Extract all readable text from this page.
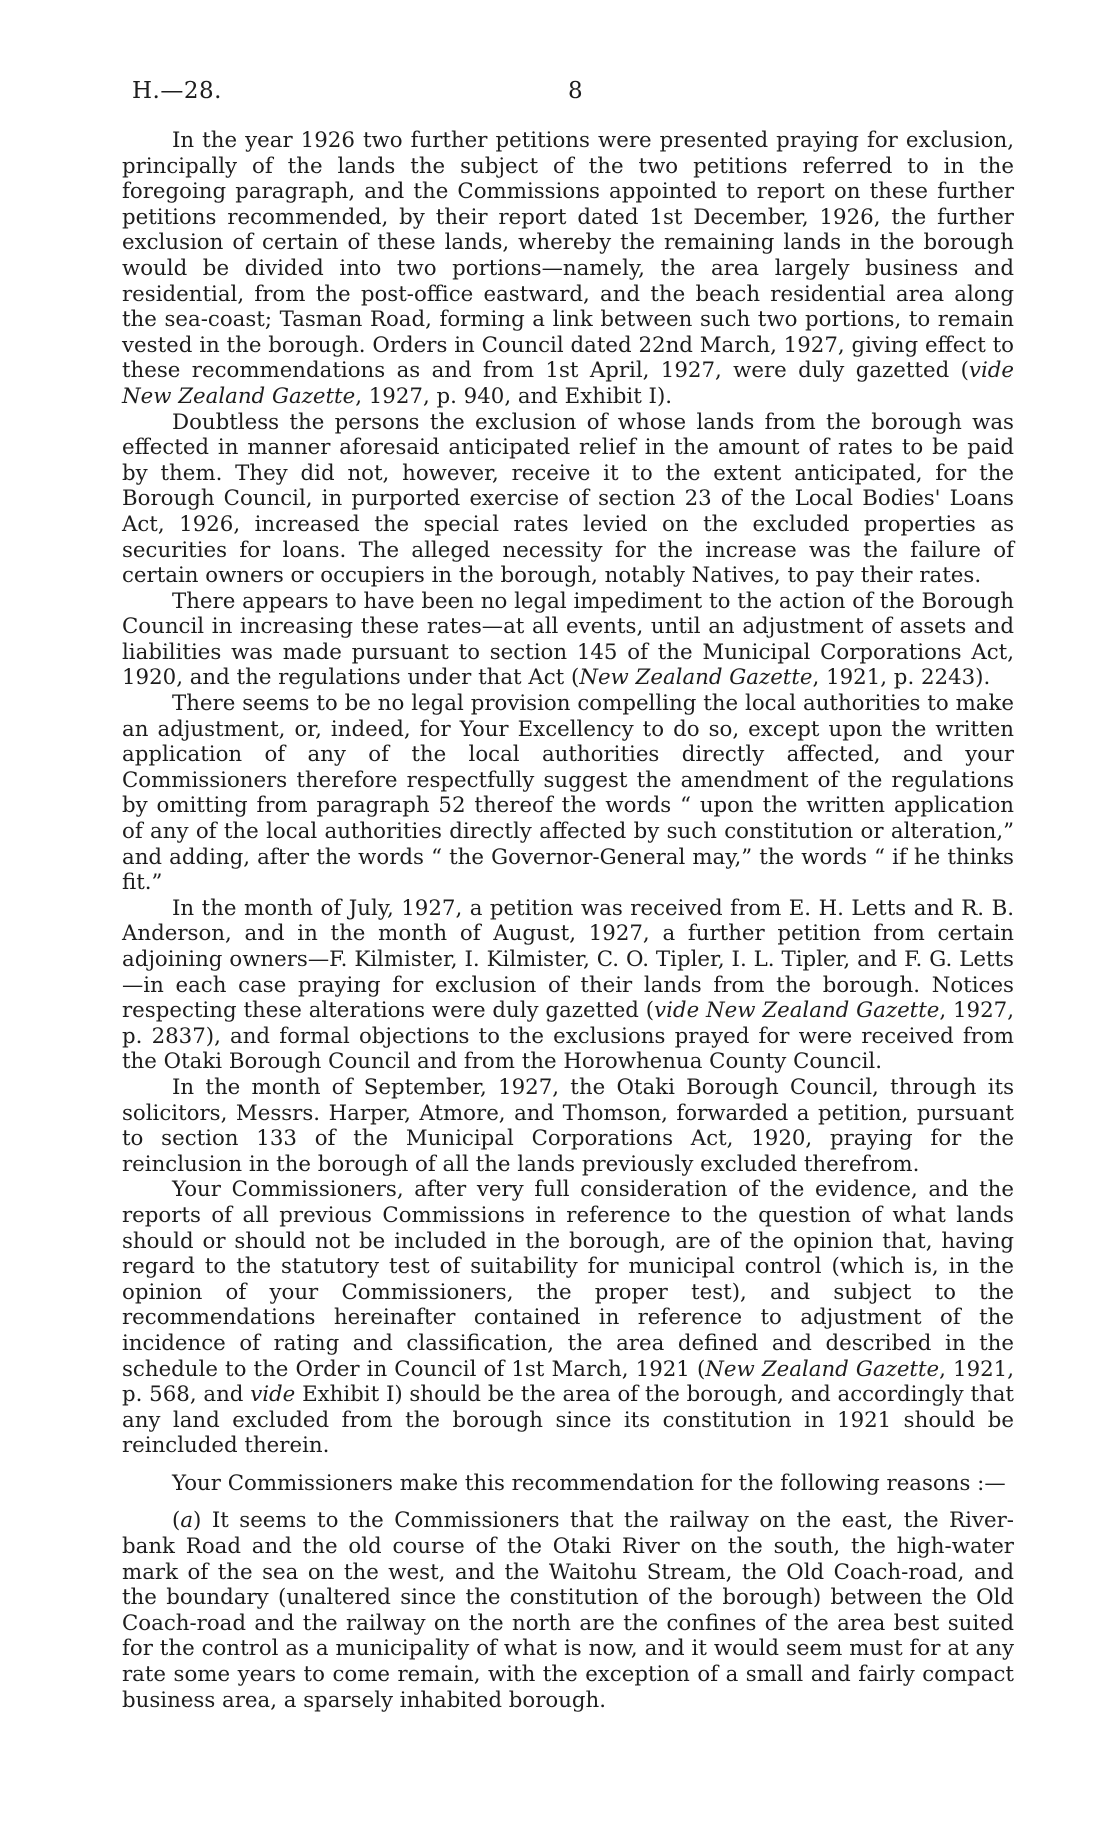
H.—28.	8

In the year 1926 two further petitions were presented praying for exclusion, principally of the lands the subject of the two petitions referred to in the foregoing paragraph, and the Commissions appointed to report on these further petitions recommended, by their report dated 1st December, 1926, the further exclusion of certain of these lands, whereby the remaining lands in the borough would be divided into two portions—namely, the area largely business and residential, from the post-office eastward, and the beach residential area along the sea-coast; Tasman Road, forming a link between such two portions, to remain vested in the borough. Orders in Council dated 22nd March, 1927, giving effect to these recommendations as and from 1st April, 1927, were duly gazetted (vide New Zealand Gazette, 1927, p. 940, and Exhibit I).

Doubtless the persons the exclusion of whose lands from the borough was effected in manner aforesaid anticipated relief in the amount of rates to be paid by them. They did not, however, receive it to the extent anticipated, for the Borough Council, in purported exercise of section 23 of the Local Bodies' Loans Act, 1926, increased the special rates levied on the excluded properties as securities for loans. The alleged necessity for the increase was the failure of certain owners or occupiers in the borough, notably Natives, to pay their rates.

There appears to have been no legal impediment to the action of the Borough Council in increasing these rates—at all events, until an adjustment of assets and liabilities was made pursuant to section 145 of the Municipal Corporations Act, 1920, and the regulations under that Act (New Zealand Gazette, 1921, p. 2243).

There seems to be no legal provision compelling the local authorities to make an adjustment, or, indeed, for Your Excellency to do so, except upon the written application of any of the local authorities directly affected, and your Commissioners therefore respectfully suggest the amendment of the regulations by omitting from paragraph 52 thereof the words “ upon the written application of any of the local authorities directly affected by such constitution or alteration,” and adding, after the words “ the Governor-General may,” the words “ if he thinks fit.”

In the month of July, 1927, a petition was received from E. H. Letts and R. B. Anderson, and in the month of August, 1927, a further petition from certain adjoining owners—F. Kilmister, I. Kilmister, C. O. Tipler, I. L. Tipler, and F. G. Letts—in each case praying for exclusion of their lands from the borough. Notices respecting these alterations were duly gazetted (vide New Zealand Gazette, 1927, p. 2837), and formal objections to the exclusions prayed for were received from the Otaki Borough Council and from the Horowhenua County Council.

In the month of September, 1927, the Otaki Borough Council, through its solicitors, Messrs. Harper, Atmore, and Thomson, forwarded a petition, pursuant to section 133 of the Municipal Corporations Act, 1920, praying for the reinclusion in the borough of all the lands previously excluded therefrom.

Your Commissioners, after very full consideration of the evidence, and the reports of all previous Commissions in reference to the question of what lands should or should not be included in the borough, are of the opinion that, having regard to the statutory test of suitability for municipal control (which is, in the opinion of your Commissioners, the proper test), and subject to the recommendations hereinafter contained in reference to adjustment of the incidence of rating and classification, the area defined and described in the schedule to the Order in Council of 1st March, 1921 (New Zealand Gazette, 1921, p. 568, and vide Exhibit I) should be the area of the borough, and accordingly that any land excluded from the borough since its constitution in 1921 should be reincluded therein.

Your Commissioners make this recommendation for the following reasons :—

(a) It seems to the Commissioners that the railway on the east, the River-bank Road and the old course of the Otaki River on the south, the high-water mark of the sea on the west, and the Waitohu Stream, the Old Coach-road, and the boundary (unaltered since the constitution of the borough) between the Old Coach-road and the railway on the north are the confines of the area best suited for the control as a municipality of what is now, and it would seem must for at any rate some years to come remain, with the exception of a small and fairly compact business area, a sparsely inhabited borough.
